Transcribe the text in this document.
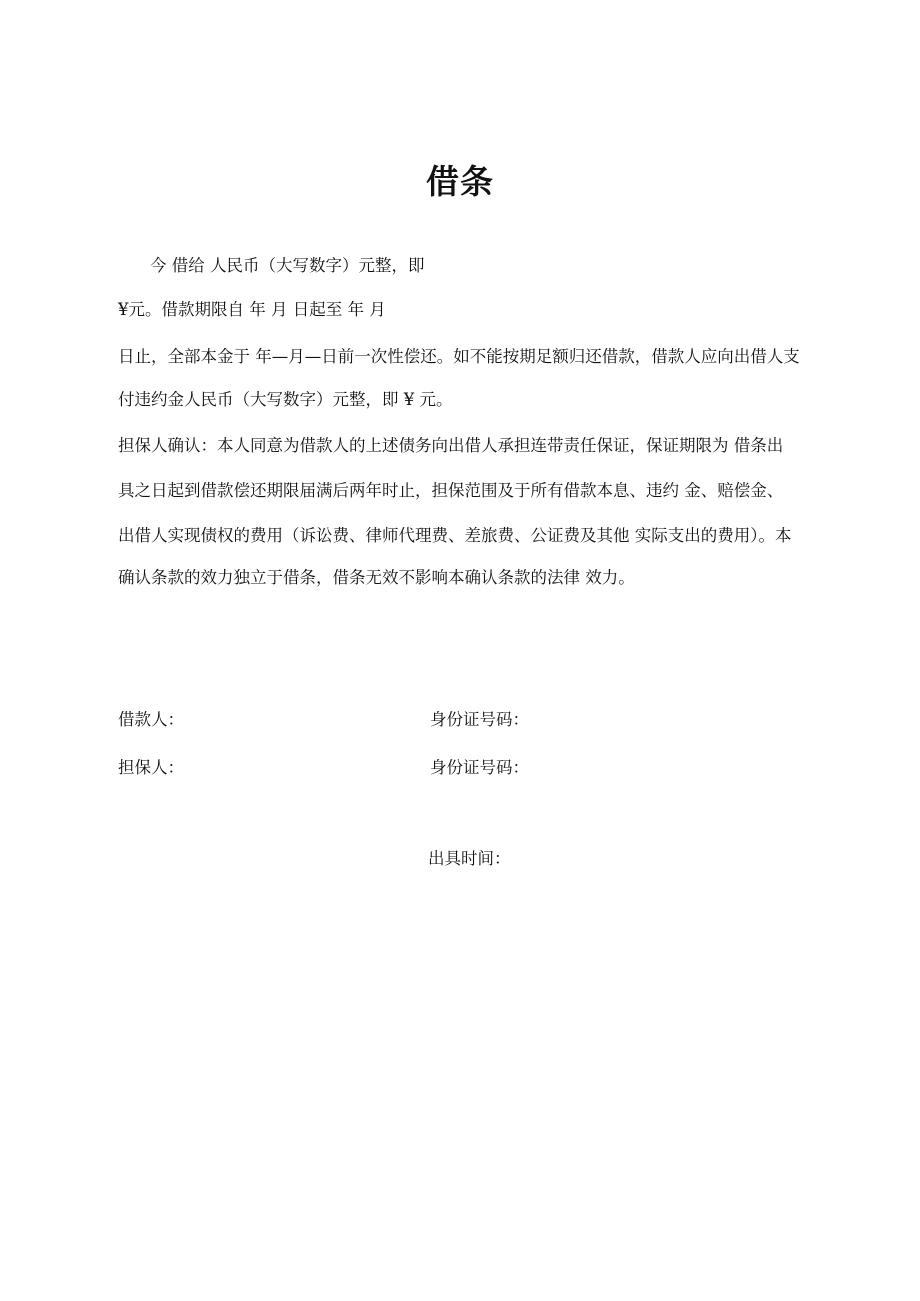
借条
今 借给 人民币（大写数字）元整，即
¥元。借款期限自 年 月 日起至 年 月
日止，全部本金于 年—月—日前一次性偿还。如不能按期足额归还借款，借款人应向出借人支
付违约金人民币（大写数字）元整，即 ¥ 元。
担保人确认：本人同意为借款人的上述债务向出借人承担连带责任保证，保证期限为 借条出
具之日起到借款偿还期限届满后两年时止，担保范围及于所有借款本息、违约 金、赔偿金、
出借人实现债权的费用（诉讼费、律师代理费、差旅费、公证费及其他 实际支出的费用）。本
确认条款的效力独立于借条，借条无效不影响本确认条款的法律 效力。
借款人：	身份证号码：
担保人：	身份证号码：
出具时间：
